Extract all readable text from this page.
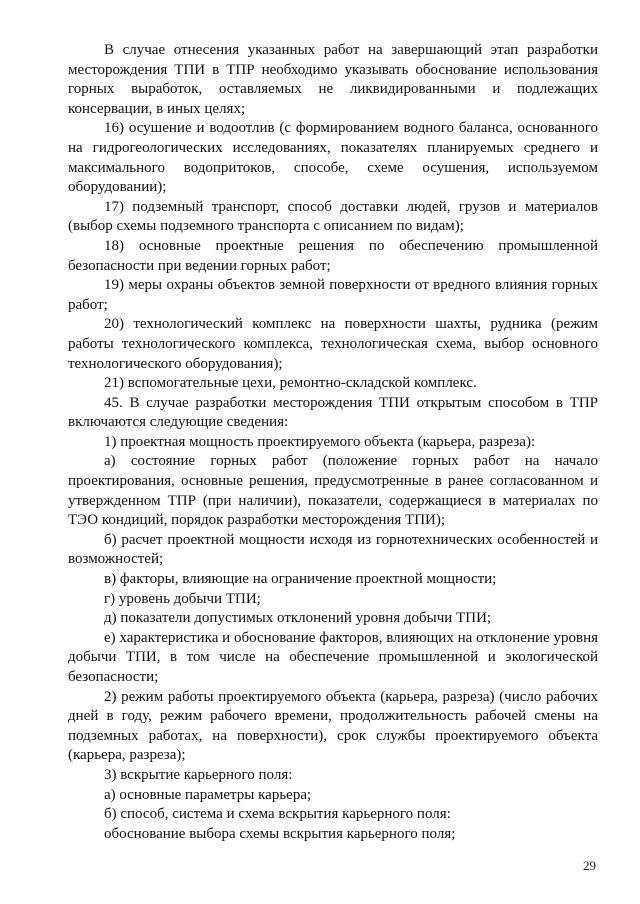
В случае отнесения указанных работ на завершающий этап разработки месторождения ТПИ в ТПР необходимо указывать обоснование использования горных выработок, оставляемых не ликвидированными и подлежащих консервации, в иных целях;

16) осушение и водоотлив (с формированием водного баланса, основанного на гидрогеологических исследованиях, показателях планируемых среднего и максимального водопритоков, способе, схеме осушения, используемом оборудовании);

17) подземный транспорт, способ доставки людей, грузов и материалов (выбор схемы подземного транспорта с описанием по видам);

18) основные проектные решения по обеспечению промышленной безопасности при ведении горных работ;

19) меры охраны объектов земной поверхности от вредного влияния горных работ;

20) технологический комплекс на поверхности шахты, рудника (режим работы технологического комплекса, технологическая схема, выбор основного технологического оборудования);

21) вспомогательные цехи, ремонтно-складской комплекс.

45. В случае разработки месторождения ТПИ открытым способом в ТПР включаются следующие сведения:

1) проектная мощность проектируемого объекта (карьера, разреза):

а) состояние горных работ (положение горных работ на начало проектирования, основные решения, предусмотренные в ранее согласованном и утвержденном ТПР (при наличии), показатели, содержащиеся в материалах по ТЭО кондиций, порядок разработки месторождения ТПИ);

б) расчет проектной мощности исходя из горнотехнических особенностей и возможностей;

в) факторы, влияющие на ограничение проектной мощности;

г) уровень добычи ТПИ;

д) показатели допустимых отклонений уровня добычи ТПИ;

е) характеристика и обоснование факторов, влияющих на отклонение уровня добычи ТПИ, в том числе на обеспечение промышленной и экологической безопасности;

2) режим работы проектируемого объекта (карьера, разреза) (число рабочих дней в году, режим рабочего времени, продолжительность рабочей смены на подземных работах, на поверхности), срок службы проектируемого объекта (карьера, разреза);

3) вскрытие карьерного поля:

а) основные параметры карьера;

б) способ, система и схема вскрытия карьерного поля:

обоснование выбора схемы вскрытия карьерного поля;

29
